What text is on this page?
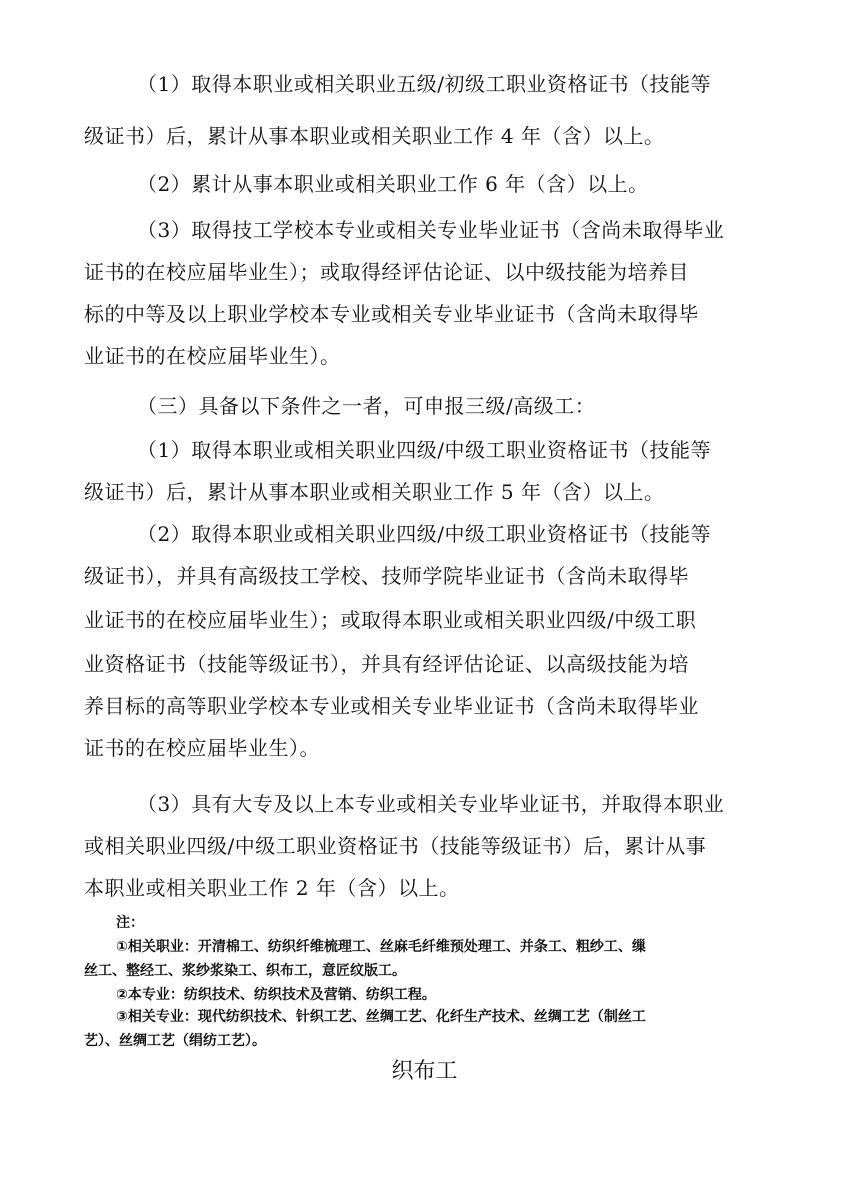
（1）取得本职业或相关职业五级/初级工职业资格证书（技能等
级证书）后，累计从事本职业或相关职业工作 4 年（含）以上。
（2）累计从事本职业或相关职业工作 6 年（含）以上。
（3）取得技工学校本专业或相关专业毕业证书（含尚未取得毕业
证书的在校应届毕业生）；或取得经评估论证、以中级技能为培养目
标的中等及以上职业学校本专业或相关专业毕业证书（含尚未取得毕
业证书的在校应届毕业生）。
（三）具备以下条件之一者，可申报三级/高级工：
（1）取得本职业或相关职业四级/中级工职业资格证书（技能等
级证书）后，累计从事本职业或相关职业工作 5 年（含）以上。
（2）取得本职业或相关职业四级/中级工职业资格证书（技能等
级证书），并具有高级技工学校、技师学院毕业证书（含尚未取得毕
业证书的在校应届毕业生）；或取得本职业或相关职业四级/中级工职
业资格证书（技能等级证书），并具有经评估论证、以高级技能为培
养目标的高等职业学校本专业或相关专业毕业证书（含尚未取得毕业
证书的在校应届毕业生）。
（3）具有大专及以上本专业或相关专业毕业证书，并取得本职业
或相关职业四级/中级工职业资格证书（技能等级证书）后，累计从事
本职业或相关职业工作 2 年（含）以上。
注：
①相关职业：开清棉工、纺织纤维梳理工、丝麻毛纤维预处理工、并条工、粗纱工、缫
丝工、整经工、浆纱浆染工、织布工，意匠纹版工。
②本专业：纺织技术、纺织技术及营销、纺织工程。
③相关专业：现代纺织技术、针织工艺、丝绸工艺、化纤生产技术、丝绸工艺（制丝工
艺）、丝绸工艺（绢纺工艺）。
织布工
